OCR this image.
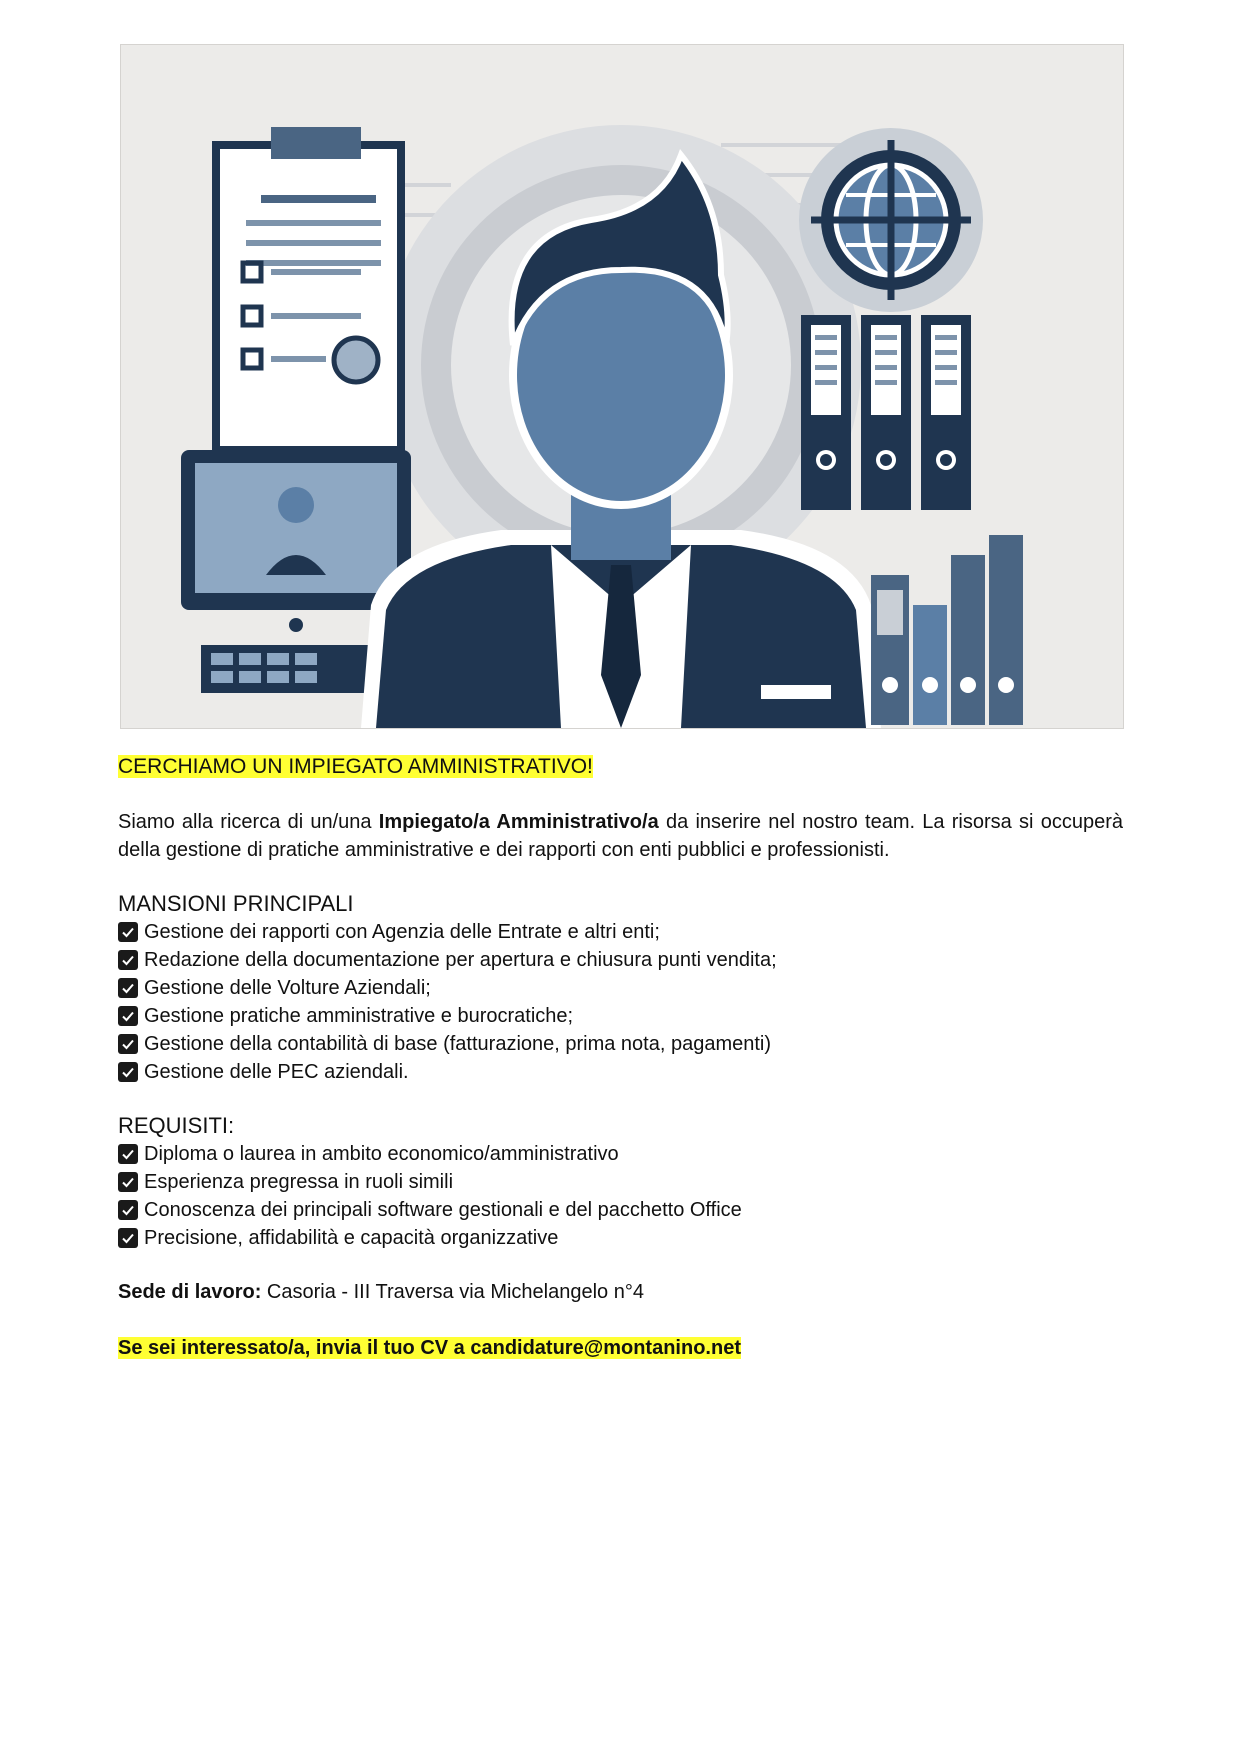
CERCHIAMO UN IMPIEGATO AMMINISTRATIVO!

Siamo alla ricerca di un/una Impiegato/a Amministrativo/a da inserire nel nostro team. La risorsa si occuperà della gestione di pratiche amministrative e dei rapporti con enti pubblici e professionisti.

MANSIONI PRINCIPALI

Gestione dei rapporti con Agenzia delle Entrate e altri enti;
Redazione della documentazione per apertura e chiusura punti vendita;
Gestione delle Volture Aziendali;
Gestione pratiche amministrative e burocratiche;
Gestione della contabilità di base (fatturazione, prima nota, pagamenti)
Gestione delle PEC aziendali.

REQUISITI:

Diploma o laurea in ambito economico/amministrativo
Esperienza pregressa in ruoli simili
Conoscenza dei principali software gestionali e del pacchetto Office
Precisione, affidabilità e capacità organizzative

Sede di lavoro: Casoria - III Traversa via Michelangelo n°4

Se sei interessato/a, invia il tuo CV a candidature@montanino.net
